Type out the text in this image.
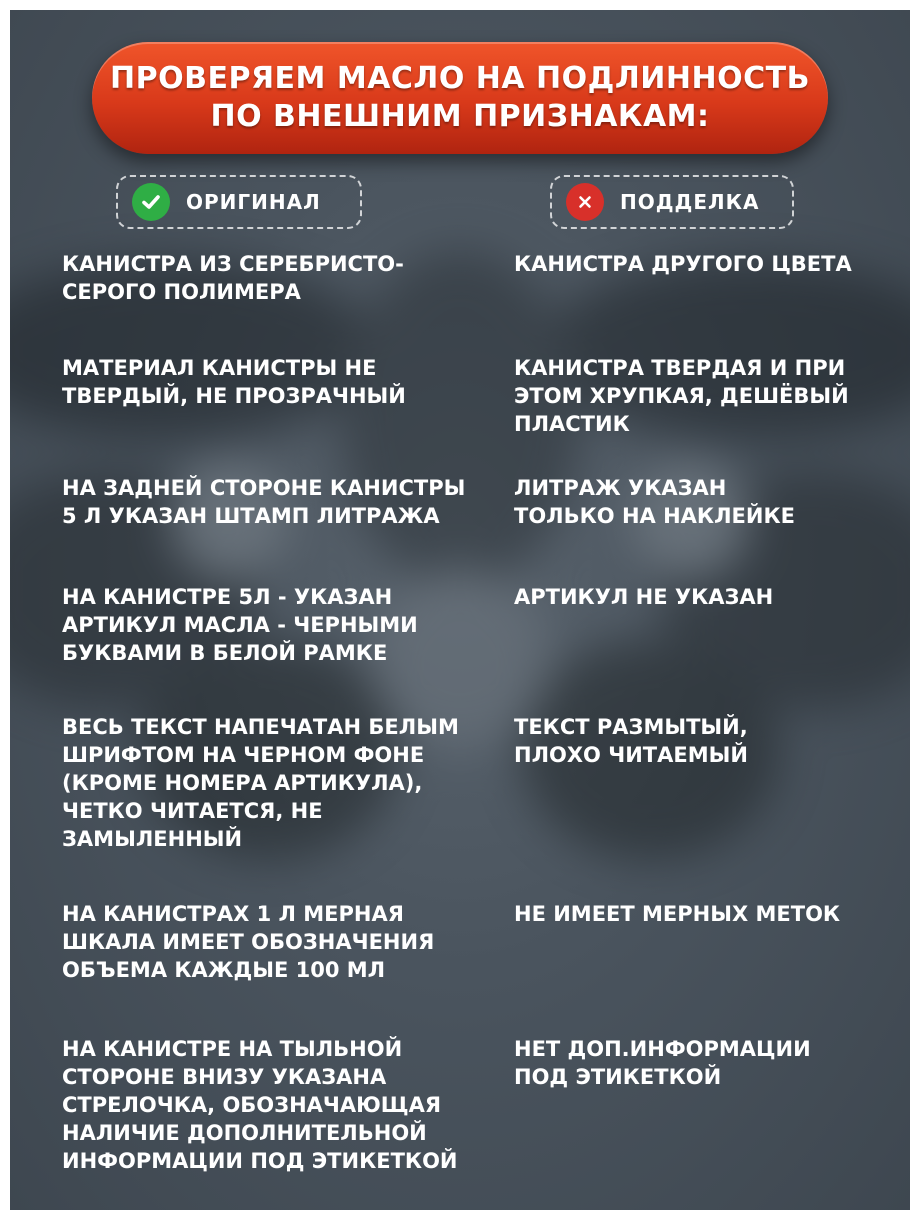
ПРОВЕРЯЕМ МАСЛО НА ПОДЛИННОСТЬ
ПО ВНЕШНИМ ПРИЗНАКАМ:
ОРИГИНАЛ	ПОДДЕЛКА
КАНИСТРА ИЗ СЕРЕБРИСТО-
СЕРОГО ПОЛИМЕРА
КАНИСТРА ДРУГОГО ЦВЕТА
МАТЕРИАЛ КАНИСТРЫ НЕ
ТВЕРДЫЙ, НЕ ПРОЗРАЧНЫЙ
КАНИСТРА ТВЕРДАЯ И ПРИ
ЭТОМ ХРУПКАЯ, ДЕШЁВЫЙ
ПЛАСТИК
НА ЗАДНЕЙ СТОРОНЕ КАНИСТРЫ
5 Л УКАЗАН ШТАМП ЛИТРАЖА
ЛИТРАЖ УКАЗАН
ТОЛЬКО НА НАКЛЕЙКЕ
НА КАНИСТРЕ 5Л - УКАЗАН
АРТИКУЛ МАСЛА - ЧЕРНЫМИ
БУКВАМИ В БЕЛОЙ РАМКЕ
АРТИКУЛ НЕ УКАЗАН
ВЕСЬ ТЕКСТ НАПЕЧАТАН БЕЛЫМ
ШРИФТОМ НА ЧЕРНОМ ФОНЕ
(КРОМЕ НОМЕРА АРТИКУЛА),
ЧЕТКО ЧИТАЕТСЯ, НЕ
ЗАМЫЛЕННЫЙ
ТЕКСТ РАЗМЫТЫЙ,
ПЛОХО ЧИТАЕМЫЙ
НА КАНИСТРАХ 1 Л МЕРНАЯ
ШКАЛА ИМЕЕТ ОБОЗНАЧЕНИЯ
ОБЪЕМА КАЖДЫЕ 100 МЛ
НЕ ИМЕЕТ МЕРНЫХ МЕТОК
НА КАНИСТРЕ НА ТЫЛЬНОЙ
СТОРОНЕ ВНИЗУ УКАЗАНА
СТРЕЛОЧКА, ОБОЗНАЧАЮЩАЯ
НАЛИЧИЕ ДОПОЛНИТЕЛЬНОЙ
ИНФОРМАЦИИ ПОД ЭТИКЕТКОЙ
НЕТ ДОП.ИНФОРМАЦИИ
ПОД ЭТИКЕТКОЙ
